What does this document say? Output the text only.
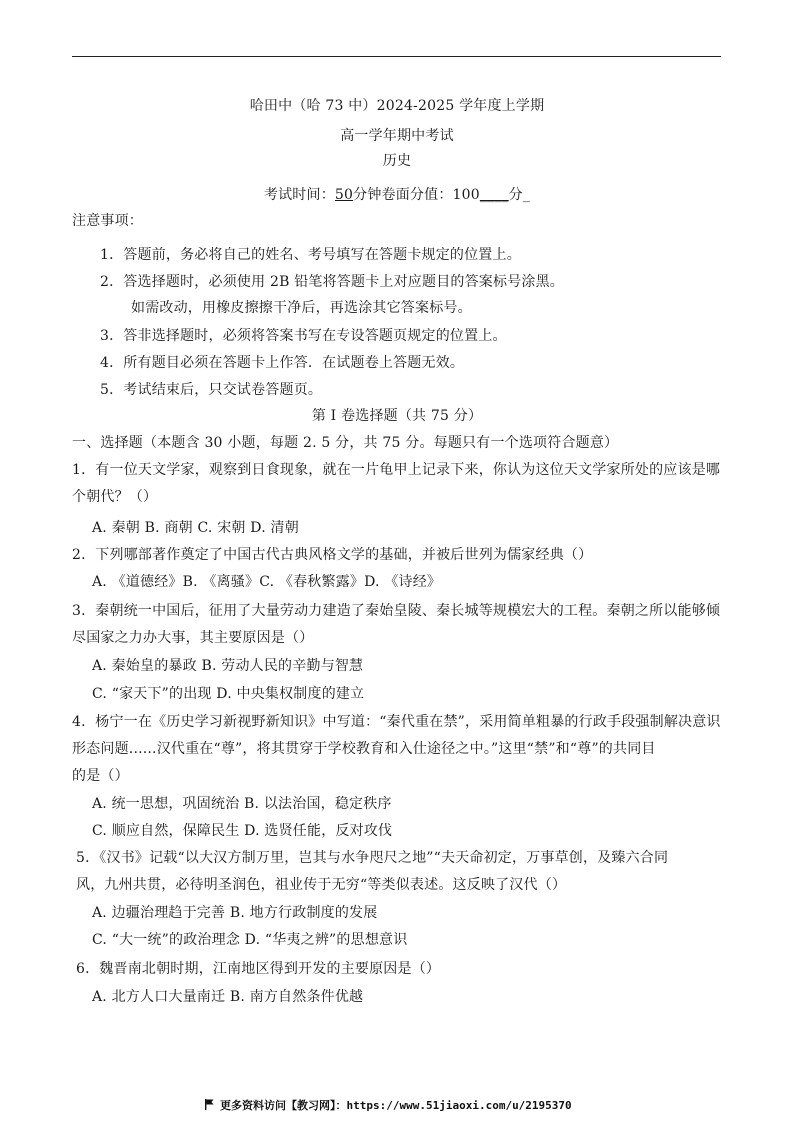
哈田中（哈 73 中）2024-2025 学年度上学期
高一学年期中考试
历史
考试时间：50分钟卷面分值：100____分_
注意事项：
1．答题前，务必将自己的姓名、考号填写在答题卡规定的位置上。
2．答选择题时，必须使用 2B 铅笔将答题卡上对应题目的答案标号涂黑。
如需改动，用橡皮擦擦干净后，再选涂其它答案标号。
3．答非选择题时，必须将答案书写在专设答题页规定的位置上。
4．所有题目必须在答题卡上作答．在试题卷上答题无效。
5．考试结束后，只交试卷答题页。
第 I 卷选择题（共 75 分）
一、选择题（本题含 30 小题，每题 2. 5 分，共 75 分。每题只有一个选项符合题意）
1．有一位天文学家，观察到日食现象，就在一片龟甲上记录下来，你认为这位天文学家所处的应该是哪
个朝代？（）
A. 秦朝 B. 商朝 C. 宋朝 D. 清朝
2．下列哪部著作奠定了中国古代古典风格文学的基础，并被后世列为儒家经典（）
A. 《道德经》B. 《离骚》C. 《春秋繁露》D. 《诗经》
3．秦朝统一中国后，征用了大量劳动力建造了秦始皇陵、秦长城等规模宏大的工程。秦朝之所以能够倾
尽国家之力办大事，其主要原因是（）
A. 秦始皇的暴政 B. 劳动人民的辛勤与智慧
C. “家天下”的出现 D. 中央集权制度的建立
4．杨宁一在《历史学习新视野新知识》中写道：“秦代重在禁”，采用简单粗暴的行政手段强制解决意识
形态问题......汉代重在“尊”，将其贯穿于学校教育和入仕途径之中。”这里“禁”和“尊”的共同目
的是（）
A. 统一思想，巩固统治 B. 以法治国，稳定秩序
C. 顺应自然，保障民生 D. 选贤任能，反对攻伐
5．《汉书》记载“以大汉方制万里，岂其与水争咫尺之地”“夫天命初定，万事草创，及臻六合同
风，九州共贯，必待明圣润色，祖业传于无穷“等类似表述。这反映了汉代（）
A. 边疆治理趋于完善 B. 地方行政制度的发展
C. “大一统”的政治理念 D. “华夷之辨”的思想意识
6．魏晋南北朝时期，江南地区得到开发的主要原因是（）
A. 北方人口大量南迁 B. 南方自然条件优越
更多资料访问【教习网】：https://www.51jiaoxi.com/u/2195370
